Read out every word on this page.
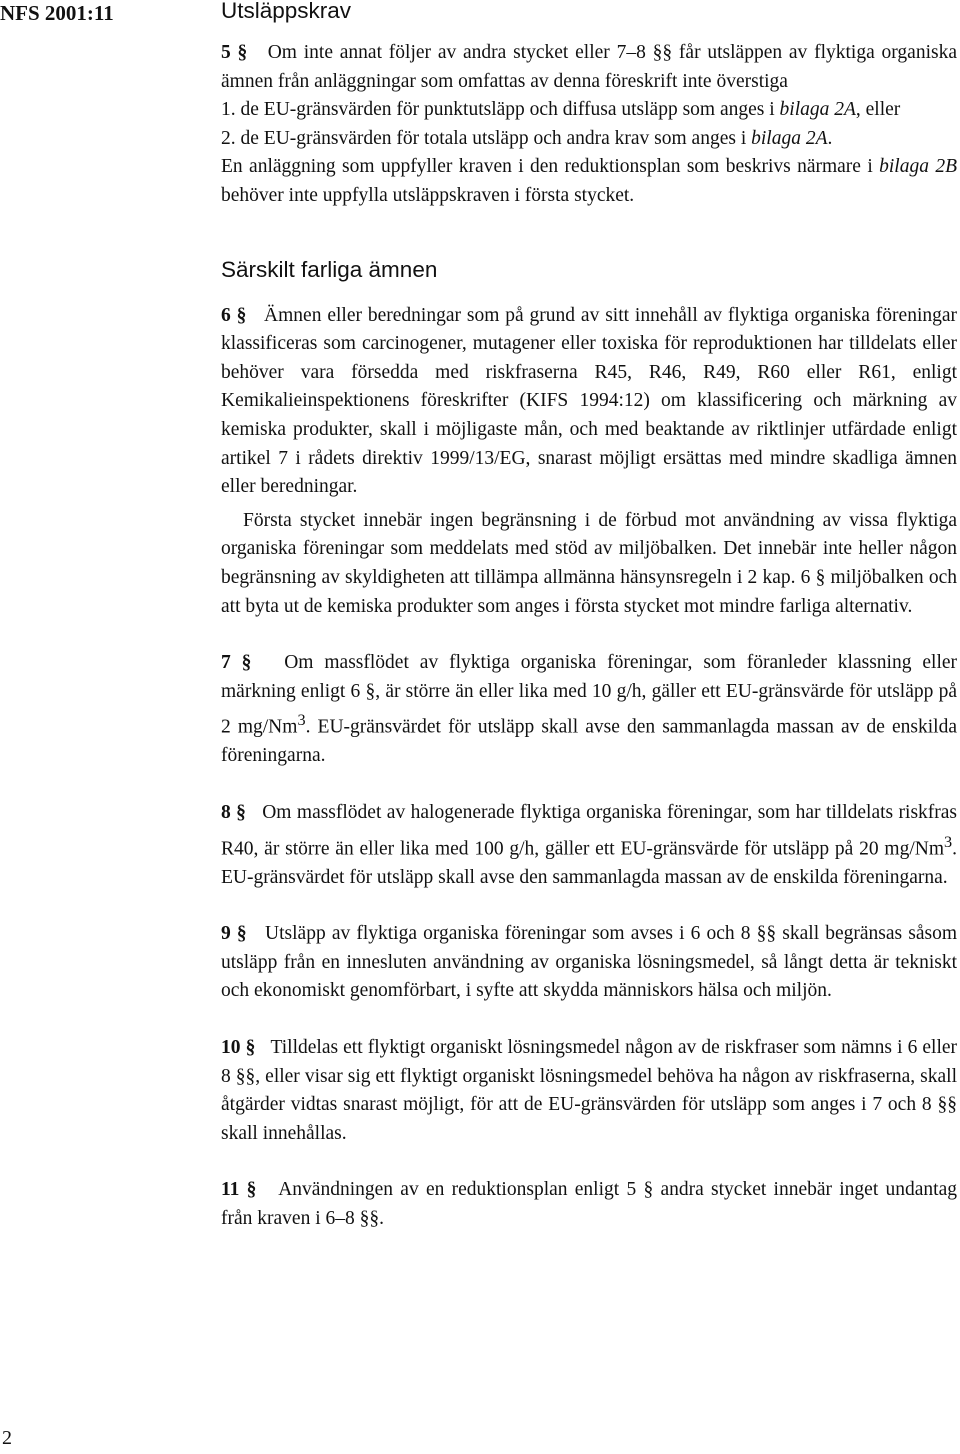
NFS 2001:11
2
Utsläppskrav

5 § Om inte annat följer av andra stycket eller 7–8 §§ får utsläppen av flyktiga organiska ämnen från anläggningar som omfattas av denna föreskrift inte överstiga

1. de EU-gränsvärden för punktutsläpp och diffusa utsläpp som anges i bilaga 2A, eller
2. de EU-gränsvärden för totala utsläpp och andra krav som anges i bilaga 2A.

En anläggning som uppfyller kraven i den reduktionsplan som beskrivs närmare i bilaga 2B behöver inte uppfylla utsläppskraven i första stycket.

Särskilt farliga ämnen

6 § Ämnen eller beredningar som på grund av sitt innehåll av flyktiga organiska föreningar klassificeras som carcinogener, mutagener eller toxiska för reproduktionen har tilldelats eller behöver vara försedda med riskfraserna R45, R46, R49, R60 eller R61, enligt Kemikalieinspektionens föreskrifter (KIFS 1994:12) om klassificering och märkning av kemiska produkter, skall i möjligaste mån, och med beaktande av riktlinjer utfärdade enligt artikel 7 i rådets direktiv 1999/13/EG, snarast möjligt ersättas med mindre skadliga ämnen eller beredningar.

Första stycket innebär ingen begränsning i de förbud mot användning av vissa flyktiga organiska föreningar som meddelats med stöd av miljöbalken. Det innebär inte heller någon begränsning av skyldigheten att tillämpa allmänna hänsynsregeln i 2 kap. 6 § miljöbalken och att byta ut de kemiska produkter som anges i första stycket mot mindre farliga alternativ.

7 § Om massflödet av flyktiga organiska föreningar, som föranleder klassning eller märkning enligt 6 §, är större än eller lika med 10 g/h, gäller ett EU-gränsvärde för utsläpp på 2 mg/Nm$^3$. EU-gränsvärdet för utsläpp skall avse den sammanlagda massan av de enskilda föreningarna.

8 § Om massflödet av halogenerade flyktiga organiska föreningar, som har tilldelats riskfras R40, är större än eller lika med 100 g/h, gäller ett EU-gränsvärde för utsläpp på 20 mg/Nm$^3$. EU-gränsvärdet för utsläpp skall avse den sammanlagda massan av de enskilda föreningarna.

9 § Utsläpp av flyktiga organiska föreningar som avses i 6 och 8 §§ skall begränsas såsom utsläpp från en innesluten användning av organiska lösningsmedel, så långt detta är tekniskt och ekonomiskt genomförbart, i syfte att skydda människors hälsa och miljön.

10 § Tilldelas ett flyktigt organiskt lösningsmedel någon av de riskfraser som nämns i 6 eller 8 §§, eller visar sig ett flyktigt organiskt lösningsmedel behöva ha någon av riskfraserna, skall åtgärder vidtas snarast möjligt, för att de EU-gränsvärden för utsläpp som anges i 7 och 8 §§ skall innehållas.

11 § Användningen av en reduktionsplan enligt 5 § andra stycket innebär inget undantag från kraven i 6–8 §§.
